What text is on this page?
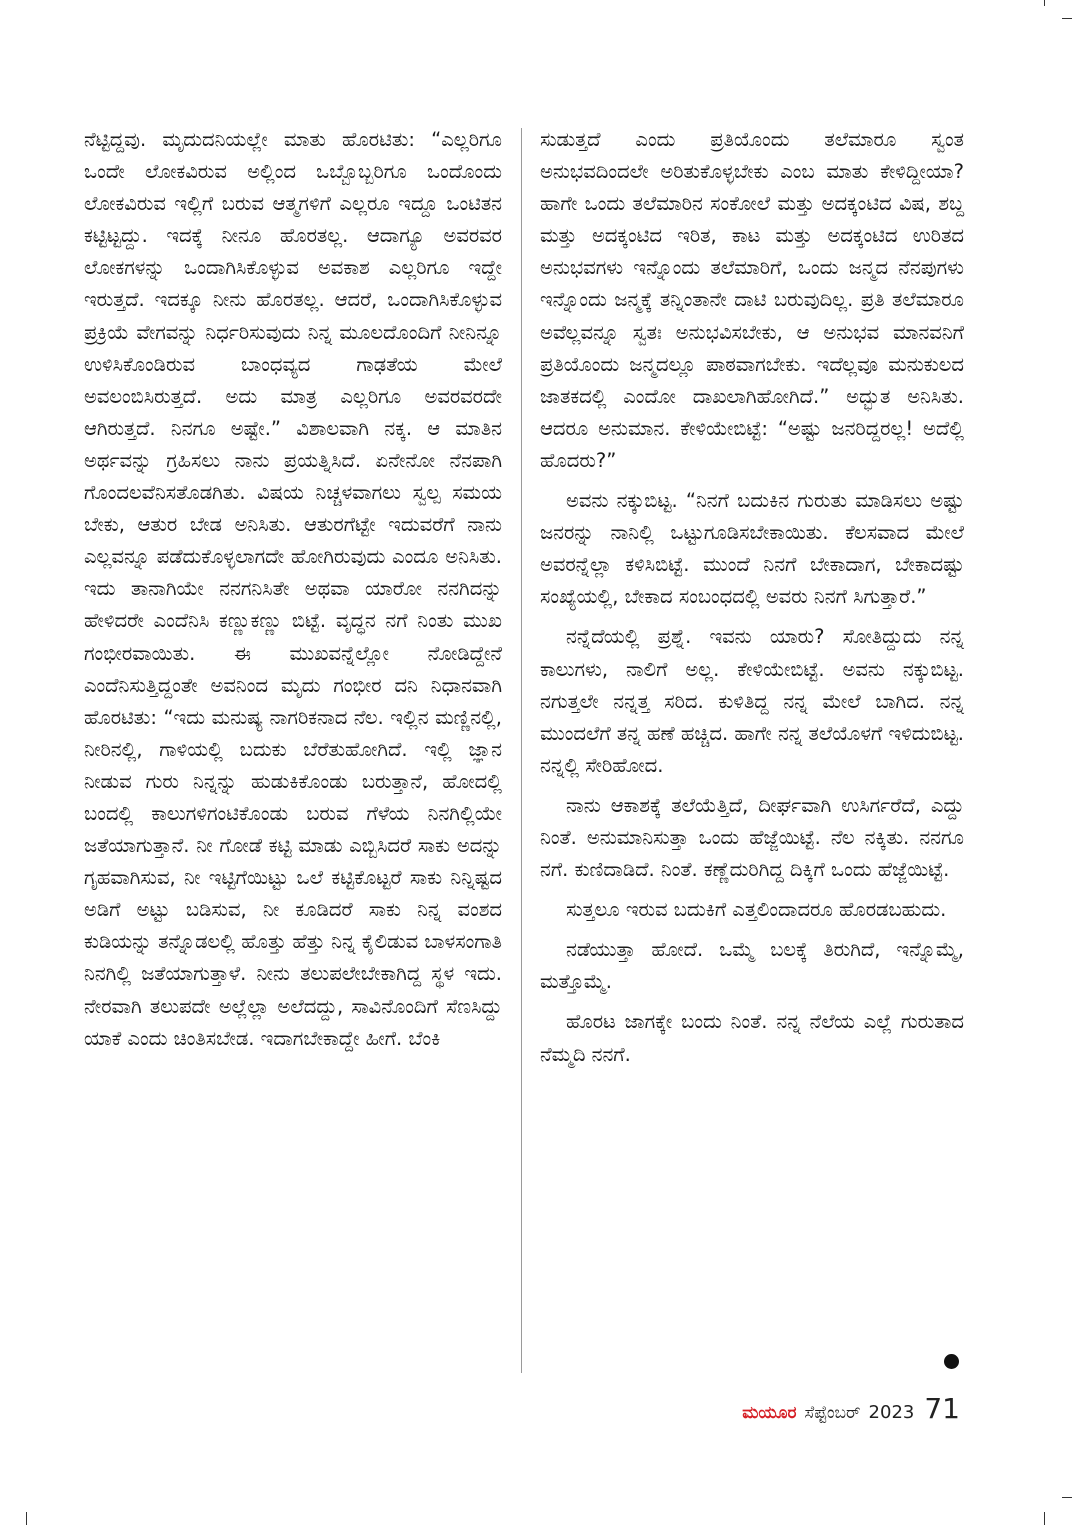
ನೆಟ್ಟಿದ್ದವು. ಮೃದುದನಿಯಲ್ಲೇ ಮಾತು ಹೊರಟಿತು: “ಎಲ್ಲರಿಗೂ ಒಂದೇ ಲೋಕವಿರುವ ಅಲ್ಲಿಂದ ಒಬ್ಬೊಬ್ಬರಿಗೂ ಒಂದೊಂದು ಲೋಕವಿರುವ ಇಲ್ಲಿಗೆ ಬರುವ ಆತ್ಮಗಳಿಗೆ ಎಲ್ಲರೂ ಇದ್ದೂ ಒಂಟಿತನ ಕಟ್ಟಿಟ್ಟದ್ದು. ಇದಕ್ಕೆ ನೀನೂ ಹೊರತಲ್ಲ. ಆದಾಗ್ಯೂ ಅವರವರ ಲೋಕಗಳನ್ನು ಒಂದಾಗಿಸಿಕೊಳ್ಳುವ ಅವಕಾಶ ಎಲ್ಲರಿಗೂ ಇದ್ದೇ ಇರುತ್ತದೆ. ಇದಕ್ಕೂ ನೀನು ಹೊರತಲ್ಲ. ಆದರೆ, ಒಂದಾಗಿಸಿಕೊಳ್ಳುವ ಪ್ರಕ್ರಿಯೆ ವೇಗವನ್ನು ನಿರ್ಧರಿಸುವುದು ನಿನ್ನ ಮೂಲದೊಂದಿಗೆ ನೀನಿನ್ನೂ ಉಳಿಸಿಕೊಂಡಿರುವ ಬಾಂಧವ್ಯದ ಗಾಢತೆಯ ಮೇಲೆ ಅವಲಂಬಿಸಿರುತ್ತದೆ. ಅದು ಮಾತ್ರ ಎಲ್ಲರಿಗೂ ಅವರವರದೇ ಆಗಿರುತ್ತದೆ. ನಿನಗೂ ಅಷ್ಟೇ.” ವಿಶಾಲವಾಗಿ ನಕ್ಕ. ಆ ಮಾತಿನ ಅರ್ಥವನ್ನು ಗ್ರಹಿಸಲು ನಾನು ಪ್ರಯತ್ನಿಸಿದೆ. ಏನೇನೋ ನೆನಪಾಗಿ ಗೊಂದಲವೆನಿಸತೊಡಗಿತು. ವಿಷಯ ನಿಚ್ಚಳವಾಗಲು ಸ್ವಲ್ಪ ಸಮಯ ಬೇಕು, ಆತುರ ಬೇಡ ಅನಿಸಿತು. ಆತುರಗೆಟ್ಟೇ ಇದುವರೆಗೆ ನಾನು ಎಲ್ಲವನ್ನೂ ಪಡೆದುಕೊಳ್ಳಲಾಗದೇ ಹೋಗಿರುವುದು ಎಂದೂ ಅನಿಸಿತು. ಇದು ತಾನಾಗಿಯೇ ನನಗನಿಸಿತೇ ಅಥವಾ ಯಾರೋ ನನಗಿದನ್ನು ಹೇಳಿದರೇ ಎಂದೆನಿಸಿ ಕಣ್ಣುಕಣ್ಣು ಬಿಟ್ಟೆ. ವೃದ್ಧನ ನಗೆ ನಿಂತು ಮುಖ ಗಂಭೀರವಾಯಿತು. ಈ ಮುಖವನ್ನೆಲ್ಲೋ ನೋಡಿದ್ದೇನೆ ಎಂದೆನಿಸುತ್ತಿದ್ದಂತೇ ಅವನಿಂದ ಮೃದು ಗಂಭೀರ ದನಿ ನಿಧಾನವಾಗಿ ಹೊರಟಿತು: “ಇದು ಮನುಷ್ಯ ನಾಗರಿಕನಾದ ನೆಲ. ಇಲ್ಲಿನ ಮಣ್ಣಿನಲ್ಲಿ, ನೀರಿನಲ್ಲಿ, ಗಾಳಿಯಲ್ಲಿ ಬದುಕು ಬೆರೆತುಹೋಗಿದೆ. ಇಲ್ಲಿ ಜ್ಞಾನ ನೀಡುವ ಗುರು ನಿನ್ನನ್ನು ಹುಡುಕಿಕೊಂಡು ಬರುತ್ತಾನೆ, ಹೋದಲ್ಲಿ ಬಂದಲ್ಲಿ ಕಾಲುಗಳಿಗಂಟಿಕೊಂಡು ಬರುವ ಗೆಳೆಯ ನಿನಗಿಲ್ಲಿಯೇ ಜತೆಯಾಗುತ್ತಾನೆ. ನೀ ಗೋಡೆ ಕಟ್ಟಿ ಮಾಡು ಎಬ್ಬಿಸಿದರೆ ಸಾಕು ಅದನ್ನು ಗೃಹವಾಗಿಸುವ, ನೀ ಇಟ್ಟಿಗೆಯಿಟ್ಟು ಒಲೆ ಕಟ್ಟಿಕೊಟ್ಟರೆ ಸಾಕು ನಿನ್ನಿಷ್ಟದ ಅಡಿಗೆ ಅಟ್ಟು ಬಡಿಸುವ, ನೀ ಕೂಡಿದರೆ ಸಾಕು ನಿನ್ನ ವಂಶದ ಕುಡಿಯನ್ನು ತನ್ನೊಡಲಲ್ಲಿ ಹೊತ್ತು ಹೆತ್ತು ನಿನ್ನ ಕೈಲಿಡುವ ಬಾಳಸಂಗಾತಿ ನಿನಗಿಲ್ಲಿ ಜತೆಯಾಗುತ್ತಾಳೆ. ನೀನು ತಲುಪಲೇಬೇಕಾಗಿದ್ದ ಸ್ಥಳ ಇದು. ನೇರವಾಗಿ ತಲುಪದೇ ಅಲ್ಲೆಲ್ಲಾ ಅಲೆದದ್ದು, ಸಾವಿನೊಂದಿಗೆ ಸೆಣಸಿದ್ದು ಯಾಕೆ ಎಂದು ಚಿಂತಿಸಬೇಡ. ಇದಾಗಬೇಕಾದ್ದೇ ಹೀಗೆ. ಬೆಂಕಿ

ಸುಡುತ್ತದೆ ಎಂದು ಪ್ರತಿಯೊಂದು ತಲೆಮಾರೂ ಸ್ವಂತ ಅನುಭವದಿಂದಲೇ ಅರಿತುಕೊಳ್ಳಬೇಕು ಎಂಬ ಮಾತು ಕೇಳಿದ್ದೀಯಾ? ಹಾಗೇ ಒಂದು ತಲೆಮಾರಿನ ಸಂಕೋಲೆ ಮತ್ತು ಅದಕ್ಕಂಟಿದ ವಿಷ, ಶಬ್ದ ಮತ್ತು ಅದಕ್ಕಂಟಿದ ಇರಿತ, ಕಾಟ ಮತ್ತು ಅದಕ್ಕಂಟಿದ ಉರಿತದ ಅನುಭವಗಳು ಇನ್ನೊಂದು ತಲೆಮಾರಿಗೆ, ಒಂದು ಜನ್ಮದ ನೆನಪುಗಳು ಇನ್ನೊಂದು ಜನ್ಮಕ್ಕೆ ತನ್ನಿಂತಾನೇ ದಾಟಿ ಬರುವುದಿಲ್ಲ. ಪ್ರತಿ ತಲೆಮಾರೂ ಅವೆಲ್ಲವನ್ನೂ ಸ್ವತಃ ಅನುಭವಿಸಬೇಕು, ಆ ಅನುಭವ ಮಾನವನಿಗೆ ಪ್ರತಿಯೊಂದು ಜನ್ಮದಲ್ಲೂ ಪಾಠವಾಗಬೇಕು. ಇದೆಲ್ಲವೂ ಮನುಕುಲದ ಜಾತಕದಲ್ಲಿ ಎಂದೋ ದಾಖಲಾಗಿಹೋಗಿದೆ.” ಅದ್ಭುತ ಅನಿಸಿತು. ಆದರೂ ಅನುಮಾನ. ಕೇಳಿಯೇಬಿಟ್ಟೆ: “ಅಷ್ಟು ಜನರಿದ್ದರಲ್ಲ! ಅದೆಲ್ಲಿ ಹೊದರು?”

ಅವನು ನಕ್ಕುಬಿಟ್ಟ. “ನಿನಗೆ ಬದುಕಿನ ಗುರುತು ಮಾಡಿಸಲು ಅಷ್ಟು ಜನರನ್ನು ನಾನಿಲ್ಲಿ ಒಟ್ಟುಗೂಡಿಸಬೇಕಾಯಿತು. ಕೆಲಸವಾದ ಮೇಲೆ ಅವರನ್ನೆಲ್ಲಾ ಕಳಿಸಿಬಿಟ್ಟೆ. ಮುಂದೆ ನಿನಗೆ ಬೇಕಾದಾಗ, ಬೇಕಾದಷ್ಟು ಸಂಖ್ಯೆಯಲ್ಲಿ, ಬೇಕಾದ ಸಂಬಂಧದಲ್ಲಿ ಅವರು ನಿನಗೆ ಸಿಗುತ್ತಾರೆ.”

ನನ್ನೆದೆಯಲ್ಲಿ ಪ್ರಶ್ನೆ. ಇವನು ಯಾರು? ಸೋತಿದ್ದುದು ನನ್ನ ಕಾಲುಗಳು, ನಾಲಿಗೆ ಅಲ್ಲ. ಕೇಳಿಯೇಬಿಟ್ಟೆ. ಅವನು ನಕ್ಕುಬಿಟ್ಟ. ನಗುತ್ತಲೇ ನನ್ನತ್ತ ಸರಿದ. ಕುಳಿತಿದ್ದ ನನ್ನ ಮೇಲೆ ಬಾಗಿದ. ನನ್ನ ಮುಂದಲೆಗೆ ತನ್ನ ಹಣೆ ಹಚ್ಚಿದ. ಹಾಗೇ ನನ್ನ ತಲೆಯೊಳಗೆ ಇಳಿದುಬಿಟ್ಟ. ನನ್ನಲ್ಲಿ ಸೇರಿಹೋದ.

ನಾನು ಆಕಾಶಕ್ಕೆ ತಲೆಯೆತ್ತಿದೆ, ದೀರ್ಘವಾಗಿ ಉಸಿರ್ಗರೆದೆ, ಎದ್ದು ನಿಂತೆ. ಅನುಮಾನಿಸುತ್ತಾ ಒಂದು ಹೆಜ್ಜೆಯಿಟ್ಟೆ. ನೆಲ ನಕ್ಕಿತು. ನನಗೂ ನಗೆ. ಕುಣಿದಾಡಿದೆ. ನಿಂತೆ. ಕಣ್ಣೆದುರಿಗಿದ್ದ ದಿಕ್ಕಿಗೆ ಒಂದು ಹೆಜ್ಜೆಯಿಟ್ಟೆ.

ಸುತ್ತಲೂ ಇರುವ ಬದುಕಿಗೆ ಎತ್ತಲಿಂದಾದರೂ ಹೊರಡಬಹುದು.

ನಡೆಯುತ್ತಾ ಹೋದೆ. ಒಮ್ಮೆ ಬಲಕ್ಕೆ ತಿರುಗಿದೆ, ಇನ್ನೊಮ್ಮೆ, ಮತ್ತೊಮ್ಮೆ.

ಹೊರಟ ಜಾಗಕ್ಕೇ ಬಂದು ನಿಂತೆ. ನನ್ನ ನೆಲೆಯ ಎಲ್ಲೆ ಗುರುತಾದ ನೆಮ್ಮದಿ ನನಗೆ.

ಮಯೂರ ಸೆಪ್ಟೆಂಬರ್ 2023 71
